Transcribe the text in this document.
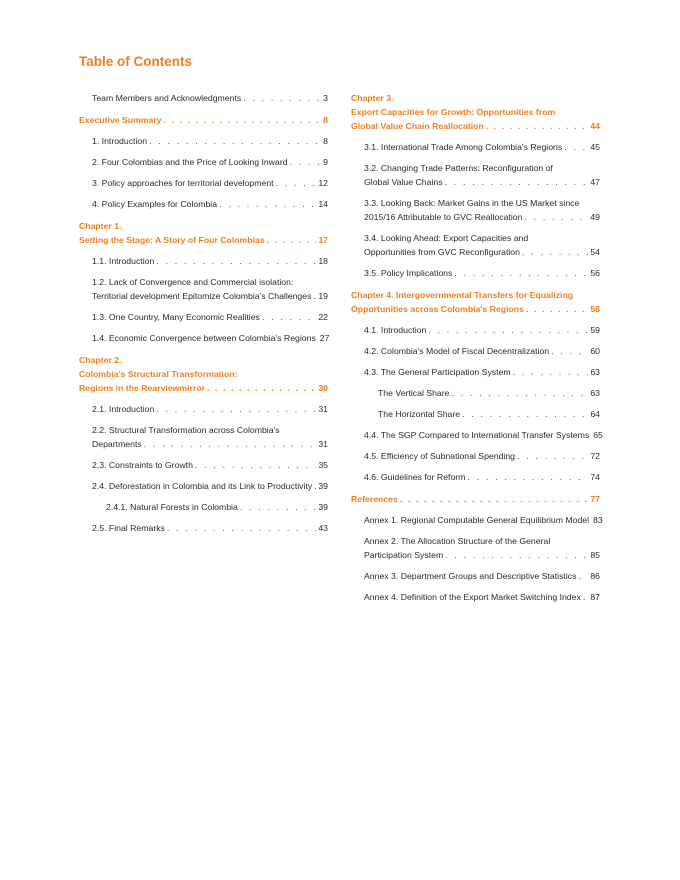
Table of Contents
Team Members and Acknowledgments . . .	3
Executive Summary . . .	8
1. Introduction . . .	8
2. Four Colombias and the Price of Looking Inward . . .	9
3. Policy approaches for territorial development . . .	12
4. Policy Examples for Colombia . . .	14
Chapter 1.
Setting the Stage: A Story of Four Colombias . . .	17
1.1. Introduction . . .	18
1.2. Lack of Convergence and Commercial isolation:
Territorial development Epitomize Colombia's Challenges . . . 19
1.3. One Country, Many Economic Realities . . .	22
1.4. Economic Convergence between Colombia's Regions 27
Chapter 2.
Colombia's Structural Transformation:
Regions in the Rearviewmirror . . .	30
2.1. Introduction . . .	31
2.2. Structural Transformation across Colombia's
Departments . . .	31
2.3. Constraints to Growth . . .	35
2.4. Deforestation in Colombia and its Link to Productivity . . . 39
2.4.1. Natural Forests in Colombia . . .	39
2.5. Final Remarks . . .	43
Chapter 3.
Export Capacities for Growth: Opportunities from
Global Value Chain Reallocation . . .	44
3.1. International Trade Among Colombia's Regions . . .	45
3.2. Changing Trade Patterns: Reconfiguration of
Global Value Chains . . .	47
3.3. Looking Back: Market Gains in the US Market since
2015/16 Attributable to GVC Reallocation . . .	49
3.4. Looking Ahead: Export Capacities and
Opportunities from GVC Reconfiguration . . .	54
3.5. Policy Implications . . .	56
Chapter 4. Intergovernmental Transfers for Equalizing
Opportunities across Colombia's Regions . . .	58
4.1. Introduction . . .	59
4.2. Colombia's Model of Fiscal Decentralization . . .	60
4.3. The General Participation System . . .	63
The Vertical Share . . .	63
The Horizontal Share . . .	64
4.4. The SGP Compared to International Transfer Systems 65
4.5. Efficiency of Subnational Spending . . .	72
4.6. Guidelines for Reform . . .	74
References . . .	77
Annex 1. Regional Computable General Equilibrium Model 83
Annex 2. The Allocation Structure of the General
Participation System . . .	85
Annex 3. Department Groups and Descriptive Statistics . . . 86
Annex 4. Definition of the Export Market Switching Index . . . 87
